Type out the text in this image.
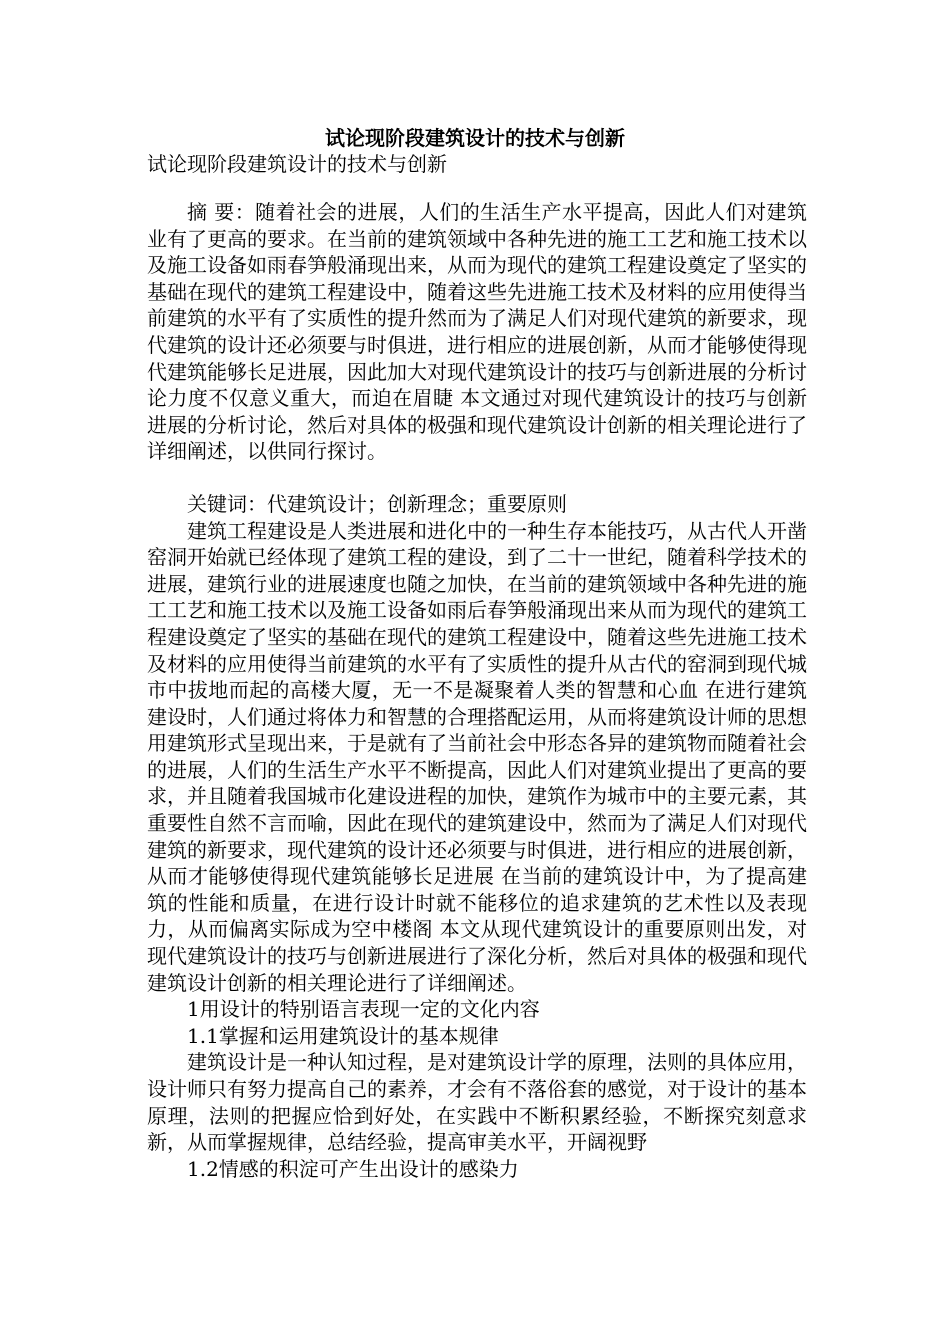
试论现阶段建筑设计的技术与创新
试论现阶段建筑设计的技术与创新

摘 要：随着社会的进展，人们的生活生产水平提高，因此人们对建筑业有了更高的要求。在当前的建筑领域中各种先进的施工工艺和施工技术以及施工设备如雨春笋般涌现出来，从而为现代的建筑工程建设奠定了坚实的基础在现代的建筑工程建设中，随着这些先进施工技术及材料的应用使得当前建筑的水平有了实质性的提升然而为了满足人们对现代建筑的新要求，现代建筑的设计还必须要与时俱进，进行相应的进展创新，从而才能够使得现代建筑能够长足进展，因此加大对现代建筑设计的技巧与创新进展的分析讨论力度不仅意义重大，而迫在眉睫 本文通过对现代建筑设计的技巧与创新进展的分析讨论，然后对具体的极强和现代建筑设计创新的相关理论进行了详细阐述，以供同行探讨。

关键词：代建筑设计；创新理念；重要原则

建筑工程建设是人类进展和进化中的一种生存本能技巧，从古代人开凿窑洞开始就已经体现了建筑工程的建设，到了二十一世纪，随着科学技术的进展，建筑行业的进展速度也随之加快，在当前的建筑领域中各种先进的施工工艺和施工技术以及施工设备如雨后春笋般涌现出来从而为现代的建筑工程建设奠定了坚实的基础在现代的建筑工程建设中，随着这些先进施工技术及材料的应用使得当前建筑的水平有了实质性的提升从古代的窑洞到现代城市中拔地而起的高楼大厦，无一不是凝聚着人类的智慧和心血 在进行建筑建设时，人们通过将体力和智慧的合理搭配运用，从而将建筑设计师的思想用建筑形式呈现出来，于是就有了当前社会中形态各异的建筑物而随着社会的进展，人们的生活生产水平不断提高，因此人们对建筑业提出了更高的要求，并且随着我国城市化建设进程的加快，建筑作为城市中的主要元素，其重要性自然不言而喻，因此在现代的建筑建设中，然而为了满足人们对现代建筑的新要求，现代建筑的设计还必须要与时俱进，进行相应的进展创新，从而才能够使得现代建筑能够长足进展 在当前的建筑设计中，为了提高建筑的性能和质量，在进行设计时就不能移位的追求建筑的艺术性以及表现力，从而偏离实际成为空中楼阁 本文从现代建筑设计的重要原则出发，对现代建筑设计的技巧与创新进展进行了深化分析，然后对具体的极强和现代建筑设计创新的相关理论进行了详细阐述。

1用设计的特别语言表现一定的文化内容

1.1掌握和运用建筑设计的基本规律

建筑设计是一种认知过程，是对建筑设计学的原理，法则的具体应用，设计师只有努力提高自己的素养，才会有不落俗套的感觉，对于设计的基本原理，法则的把握应恰到好处，在实践中不断积累经验，不断探究刻意求新，从而掌握规律，总结经验，提高审美水平，开阔视野

1.2情感的积淀可产生出设计的感染力
